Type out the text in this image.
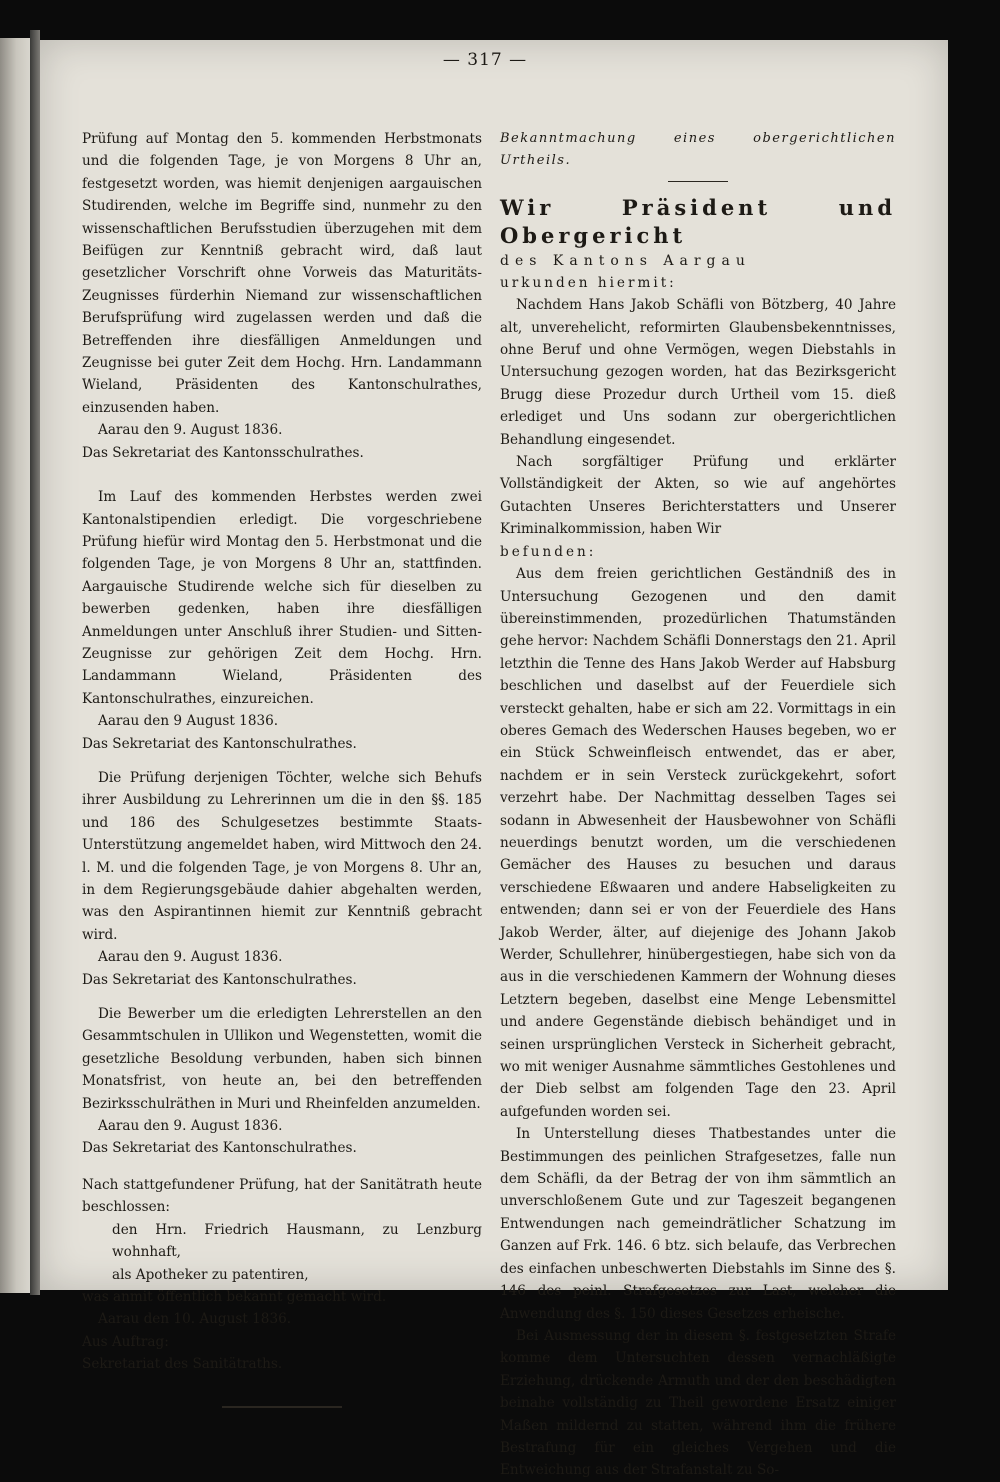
— 317 —

Prüfung auf Montag den 5. kommenden Herbstmonats und die folgenden Tage, je von Morgens 8 Uhr an, festgesetzt worden, was hiemit denjenigen aargauischen Studirenden, welche im Begriffe sind, nunmehr zu den wissenschaftlichen Berufsstudien überzugehen mit dem Beifügen zur Kenntniß gebracht wird, daß laut gesetzlicher Vorschrift ohne Vorweis das Maturitäts-Zeugnisses fürderhin Niemand zur wissenschaftlichen Berufsprüfung wird zugelassen werden und daß die Betreffenden ihre diesfälligen Anmeldungen und Zeugnisse bei guter Zeit dem Hochg. Hrn. Landammann Wieland, Präsidenten des Kantonschulrathes, einzusenden haben.

Aarau den 9. August 1836.

Das Sekretariat des Kantonsschulrathes.

Im Lauf des kommenden Herbstes werden zwei Kantonalstipendien erledigt. Die vorgeschriebene Prüfung hiefür wird Montag den 5. Herbstmonat und die folgenden Tage, je von Morgens 8 Uhr an, stattfinden. Aargauische Studirende welche sich für dieselben zu bewerben gedenken, haben ihre diesfälligen Anmeldungen unter Anschluß ihrer Studien- und Sitten-Zeugnisse zur gehörigen Zeit dem Hochg. Hrn. Landammann Wieland, Präsidenten des Kantonschulrathes, einzureichen.

Aarau den 9 August 1836.

Das Sekretariat des Kantonschulrathes.

Die Prüfung derjenigen Töchter, welche sich Behufs ihrer Ausbildung zu Lehrerinnen um die in den §§. 185 und 186 des Schulgesetzes bestimmte Staats-Unterstützung angemeldet haben, wird Mittwoch den 24. l. M. und die folgenden Tage, je von Morgens 8. Uhr an, in dem Regierungsgebäude dahier abgehalten werden, was den Aspirantinnen hiemit zur Kenntniß gebracht wird.

Aarau den 9. August 1836.

Das Sekretariat des Kantonschulrathes.

Die Bewerber um die erledigten Lehrerstellen an den Gesammtschulen in Ullikon und Wegenstetten, womit die gesetzliche Besoldung verbunden, haben sich binnen Monatsfrist, von heute an, bei den betreffenden Bezirksschulräthen in Muri und Rheinfelden anzumelden.

Aarau den 9. August 1836.

Das Sekretariat des Kantonschulrathes.

Nach stattgefundener Prüfung, hat der Sanitätrath heute beschlossen:

den Hrn. Friedrich Hausmann, zu Lenzburg wohnhaft,

als Apotheker zu patentiren,

was anmit öffentlich bekannt gemacht wird.

Aarau den 10. August 1836.

Aus Auftrag:

Sekretariat des Sanitätraths.

Bekanntmachung eines obergerichtlichen Urtheils.

Wir Präsident und Obergericht

des Kantons Aargau

urkunden hiermit:

Nachdem Hans Jakob Schäfli von Bötzberg, 40 Jahre alt, unverehelicht, reformirten Glaubensbekenntnisses, ohne Beruf und ohne Vermögen, wegen Diebstahls in Untersuchung gezogen worden, hat das Bezirksgericht Brugg diese Prozedur durch Urtheil vom 15. dieß erlediget und Uns sodann zur obergerichtlichen Behandlung eingesendet.

Nach sorgfältiger Prüfung und erklärter Vollständigkeit der Akten, so wie auf angehörtes Gutachten Unseres Berichterstatters und Unserer Kriminalkommission, haben Wir

befunden:

Aus dem freien gerichtlichen Geständniß des in Untersuchung Gezogenen und den damit übereinstimmenden, prozedürlichen Thatumständen gehe hervor: Nachdem Schäfli Donnerstags den 21. April letzthin die Tenne des Hans Jakob Werder auf Habsburg beschlichen und daselbst auf der Feuerdiele sich versteckt gehalten, habe er sich am 22. Vormittags in ein oberes Gemach des Wederschen Hauses begeben, wo er ein Stück Schweinfleisch entwendet, das er aber, nachdem er in sein Versteck zurückgekehrt, sofort verzehrt habe. Der Nachmittag desselben Tages sei sodann in Abwesenheit der Hausbewohner von Schäfli neuerdings benutzt worden, um die verschiedenen Gemächer des Hauses zu besuchen und daraus verschiedene Eßwaaren und andere Habseligkeiten zu entwenden; dann sei er von der Feuerdiele des Hans Jakob Werder, älter, auf diejenige des Johann Jakob Werder, Schullehrer, hinübergestiegen, habe sich von da aus in die verschiedenen Kammern der Wohnung dieses Letztern begeben, daselbst eine Menge Lebensmittel und andere Gegenstände diebisch behändiget und in seinen ursprünglichen Versteck in Sicherheit gebracht, wo mit weniger Ausnahme sämmtliches Gestohlenes und der Dieb selbst am folgenden Tage den 23. April aufgefunden worden sei.

In Unterstellung dieses Thatbestandes unter die Bestimmungen des peinlichen Strafgesetzes, falle nun dem Schäfli, da der Betrag der von ihm sämmtlich an unverschloßenem Gute und zur Tageszeit begangenen Entwendungen nach gemeindrätlicher Schatzung im Ganzen auf Frk. 146. 6 btz. sich belaufe, das Verbrechen des einfachen unbeschwerten Diebstahls im Sinne des §. 146 des peinl. Strafgesetzes zur Last, welcher die Anwendung des §. 150 dieses Gesetzes erheische.

Bei Ausmessung der in diesem §. festgesetzten Strafe komme dem Untersuchten dessen vernachläßigte Erziehung, drückende Armuth und der den beschädigten beinahe vollständig zu Theil gewordene Ersatz einiger Maßen mildernd zu statten, während ihm die frühere Bestrafung für ein gleiches Vergehen und die Entweichung aus der Strafanstalt zu So-
